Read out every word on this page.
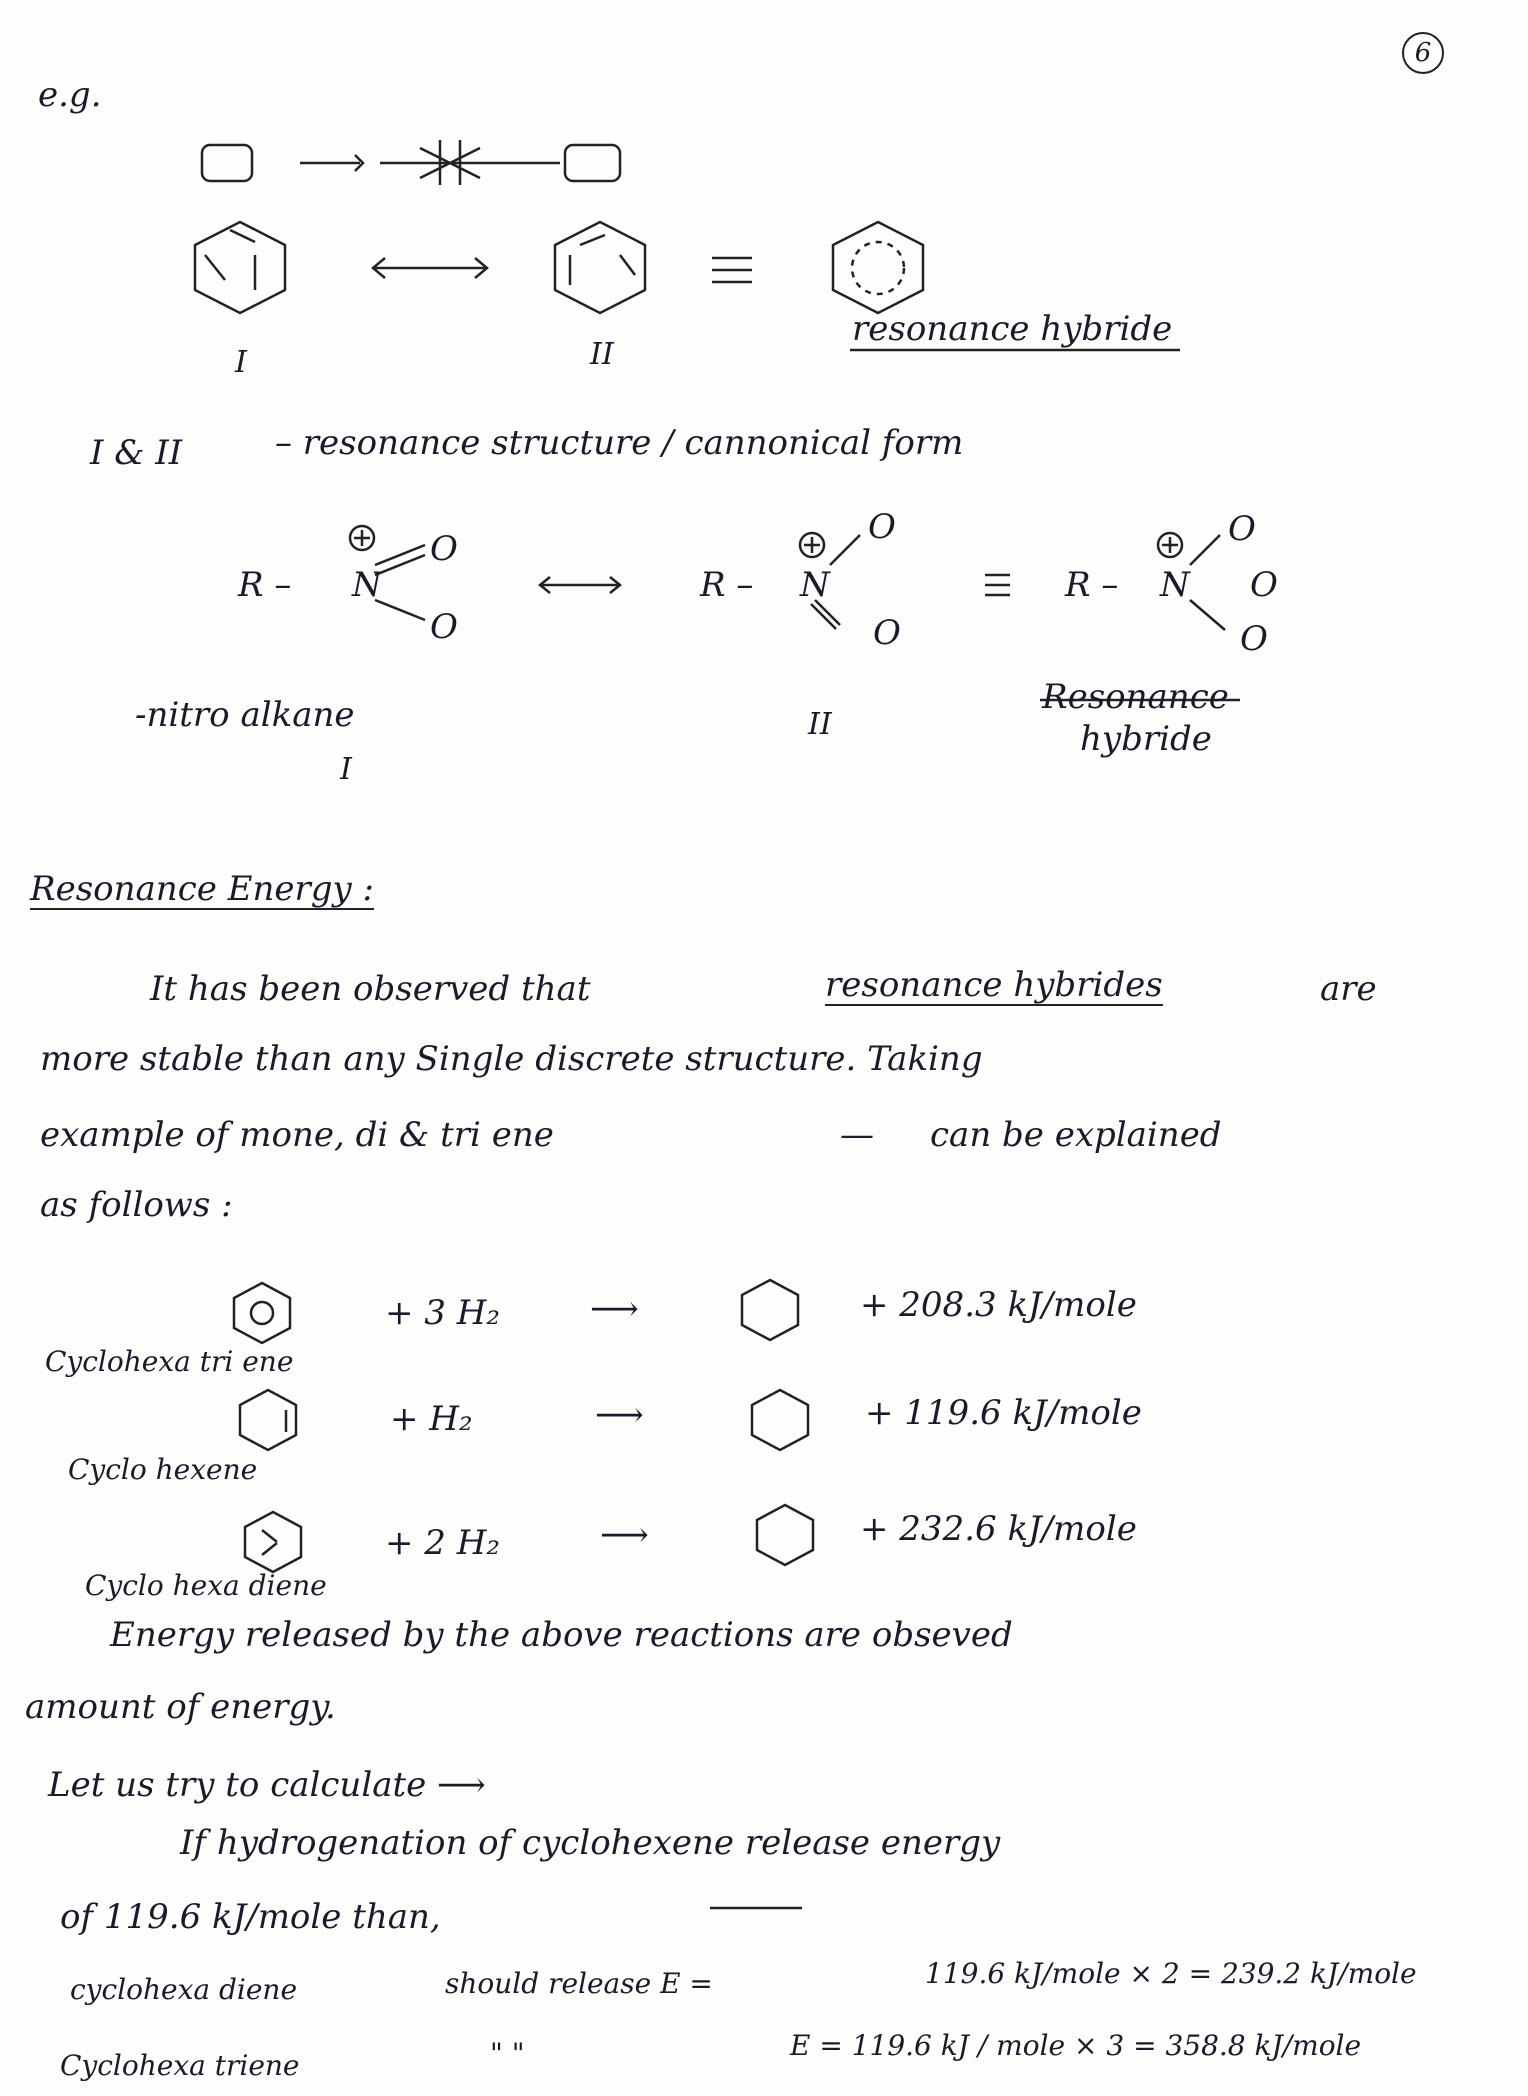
6
e.g.
I	II
resonance hybride
I & II	– resonance structure / cannonical form
R – N
O
O
R – N
O
O
R – N
O
O
O
-nitro alkane
I
II
Resonance
hybride
Resonance Energy :
It has been observed that	resonance hybrides	are
more stable than any Single discrete structure. Taking
example of mone, di & tri ene	— can be explained
as follows :
+ 3 H₂	⟶	+ 208.3 kJ/mole
Cyclohexa tri ene
+ H₂	⟶	+ 119.6 kJ/mole
Cyclo hexene
+ 2 H₂	⟶	+ 232.6 kJ/mole
Cyclo hexa diene
Energy released by the above reactions are obseved
amount of energy.
Let us try to calculate ⟶
If hydrogenation of cyclohexene release energy
of 119.6 kJ/mole than,
cyclohexa diene	should release E =	119.6 kJ/mole × 2 = 239.2 kJ/mole
Cyclohexa triene	" "	E = 119.6 kJ / mole × 3 = 358.8 kJ/mole
